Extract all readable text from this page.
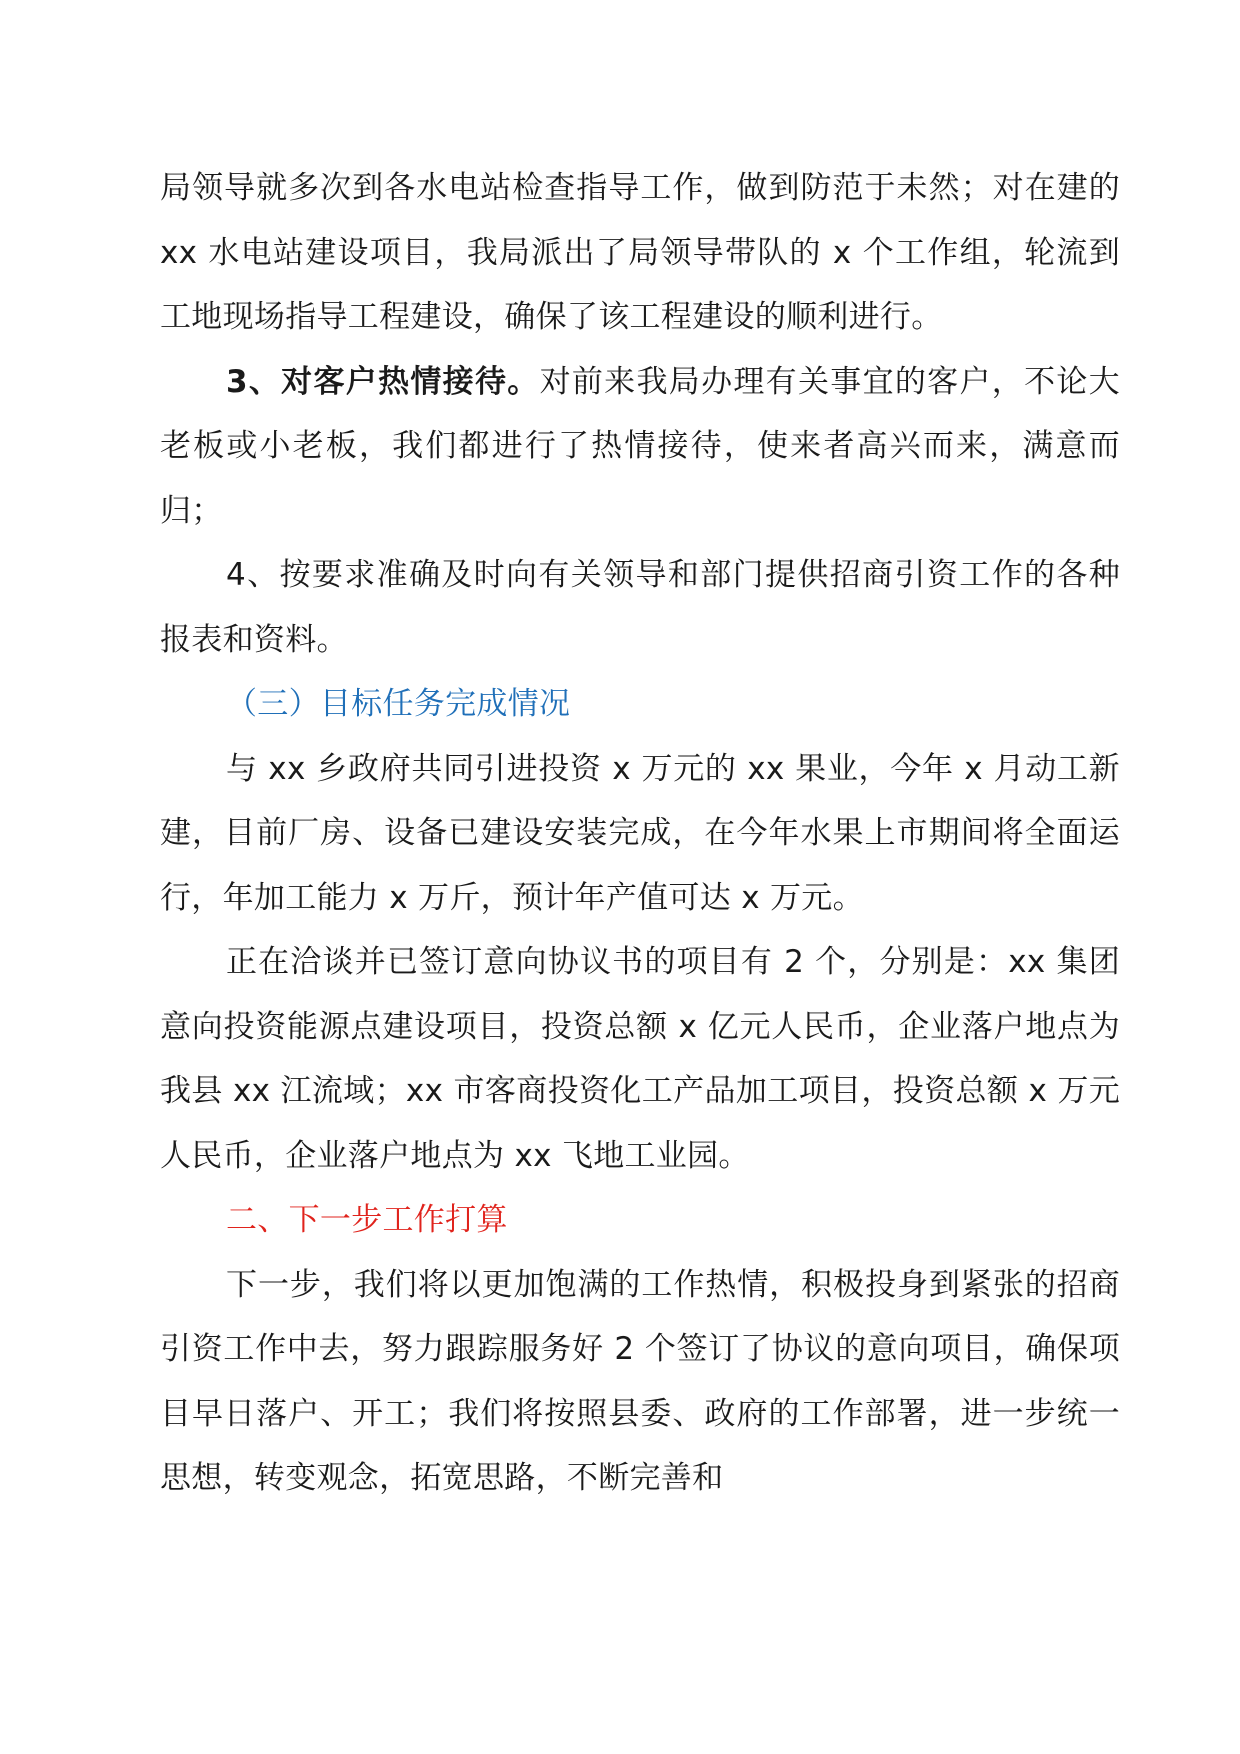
局领导就多次到各水电站检查指导工作，做到防范于未然；对在建的 xx 水电站建设项目，我局派出了局领导带队的 x 个工作组，轮流到工地现场指导工程建设，确保了该工程建设的顺利进行。

3、对客户热情接待。对前来我局办理有关事宜的客户，不论大老板或小老板，我们都进行了热情接待，使来者高兴而来，满意而归；

4、按要求准确及时向有关领导和部门提供招商引资工作的各种报表和资料。

（三）目标任务完成情况

与 xx 乡政府共同引进投资 x 万元的 xx 果业，今年 x 月动工新建，目前厂房、设备已建设安装完成，在今年水果上市期间将全面运行，年加工能力 x 万斤，预计年产值可达 x 万元。

正在洽谈并已签订意向协议书的项目有 2 个，分别是：xx 集团意向投资能源点建设项目，投资总额 x 亿元人民币，企业落户地点为我县 xx 江流域；xx 市客商投资化工产品加工项目，投资总额 x 万元人民币，企业落户地点为 xx 飞地工业园。

二、下一步工作打算

下一步，我们将以更加饱满的工作热情，积极投身到紧张的招商引资工作中去，努力跟踪服务好 2 个签订了协议的意向项目，确保项目早日落户、开工；我们将按照县委、政府的工作部署，进一步统一思想，转变观念，拓宽思路，不断完善和
